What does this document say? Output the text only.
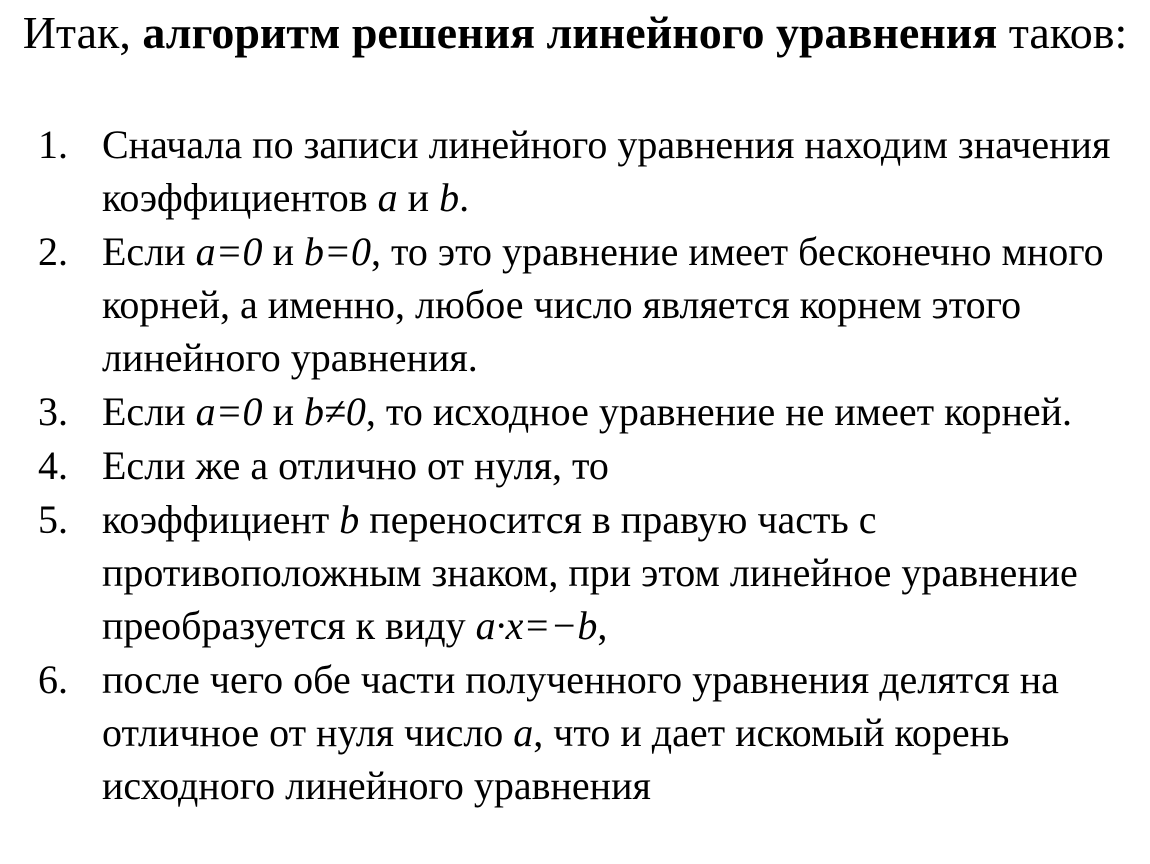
Итак, алгоритм решения линейного уравнения таков:
1. Сначала по записи линейного уравнения находим значения коэффициентов a и b.
2. Если a=0 и b=0, то это уравнение имеет бесконечно много корней, а именно, любое число является корнем этого линейного уравнения.
3. Если a=0 и b≠0, то исходное уравнение не имеет корней.
4. Если же а отлично от нуля, то
5. коэффициент b переносится в правую часть с противоположным знаком, при этом линейное уравнение преобразуется к виду a·x=−b,
6. после чего обе части полученного уравнения делятся на отличное от нуля число a, что и дает искомый корень исходного линейного уравнения
